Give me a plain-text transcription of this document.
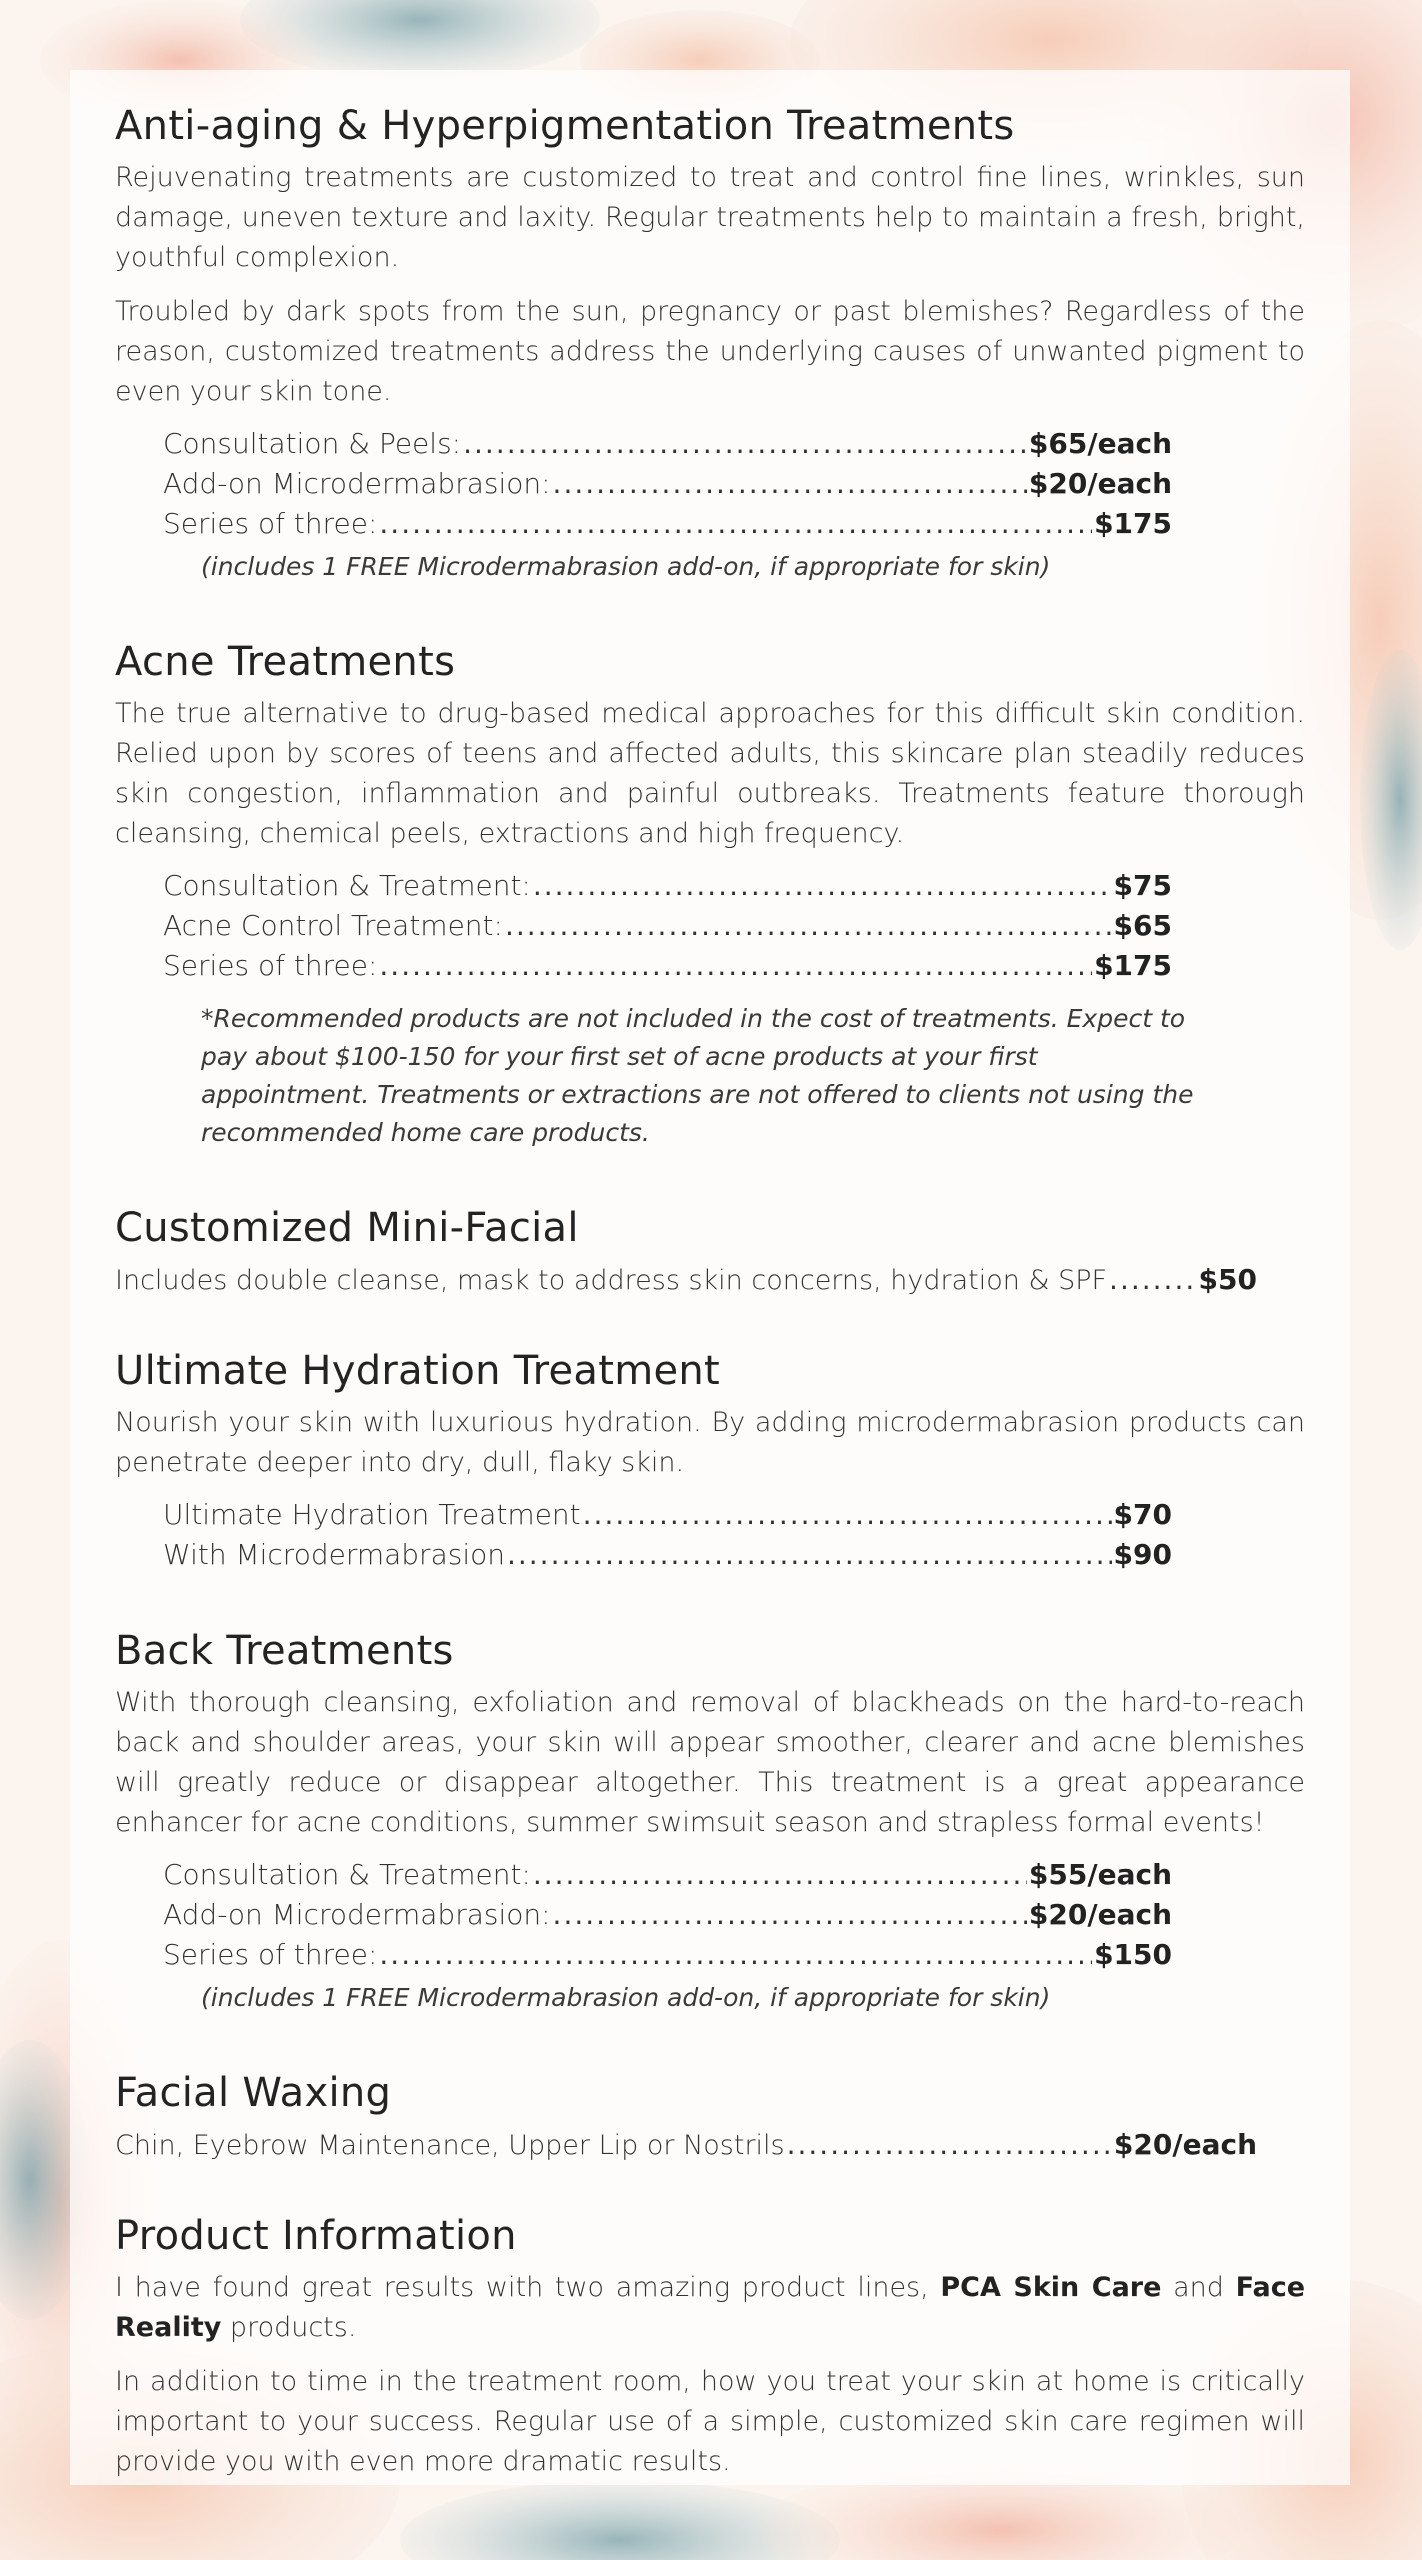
Anti-aging & Hyperpigmentation Treatments

Rejuvenating treatments are customized to treat and control fine lines, wrinkles, sun damage, uneven texture and laxity. Regular treatments help to maintain a fresh, bright, youthful complexion.

Troubled by dark spots from the sun, pregnancy or past blemishes? Regardless of the reason, customized treatments address the underlying causes of unwanted pigment to even your skin tone.

Consultation & Peels: .....	$65/each
Add-on Microdermabrasion: .....	$20/each
Series of three: .....	$175
(includes 1 FREE Microdermabrasion add-on, if appropriate for skin)
Acne Treatments

The true alternative to drug-based medical approaches for this difficult skin condition. Relied upon by scores of teens and affected adults, this skincare plan steadily reduces skin congestion, inflammation and painful outbreaks. Treatments feature thorough cleansing, chemical peels, extractions and high frequency.

Consultation & Treatment: .....	$75
Acne Control Treatment: .....	$65
Series of three: .....	$175
*Recommended products are not included in the cost of treatments. Expect to pay about $100-150 for your first set of acne products at your first appointment. Treatments or extractions are not offered to clients not using the recommended home care products.
Customized Mini-Facial
Includes double cleanse, mask to address skin concerns, hydration & SPF .....	$50
Ultimate Hydration Treatment

Nourish your skin with luxurious hydration. By adding microdermabrasion products can penetrate deeper into dry, dull, flaky skin.

Ultimate Hydration Treatment .....	$70
With Microdermabrasion .....	$90
Back Treatments

With thorough cleansing, exfoliation and removal of blackheads on the hard-to-reach back and shoulder areas, your skin will appear smoother, clearer and acne blemishes will greatly reduce or disappear altogether. This treatment is a great appearance enhancer for acne conditions, summer swimsuit season and strapless formal events!

Consultation & Treatment: .....	$55/each
Add-on Microdermabrasion: .....	$20/each
Series of three: .....	$150
(includes 1 FREE Microdermabrasion add-on, if appropriate for skin)
Facial Waxing
Chin, Eyebrow Maintenance, Upper Lip or Nostrils .....	$20/each
Product Information

I have found great results with two amazing product lines, PCA Skin Care and Face Reality products.

In addition to time in the treatment room, how you treat your skin at home is critically important to your success. Regular use of a simple, customized skin care regimen will provide you with even more dramatic results.
